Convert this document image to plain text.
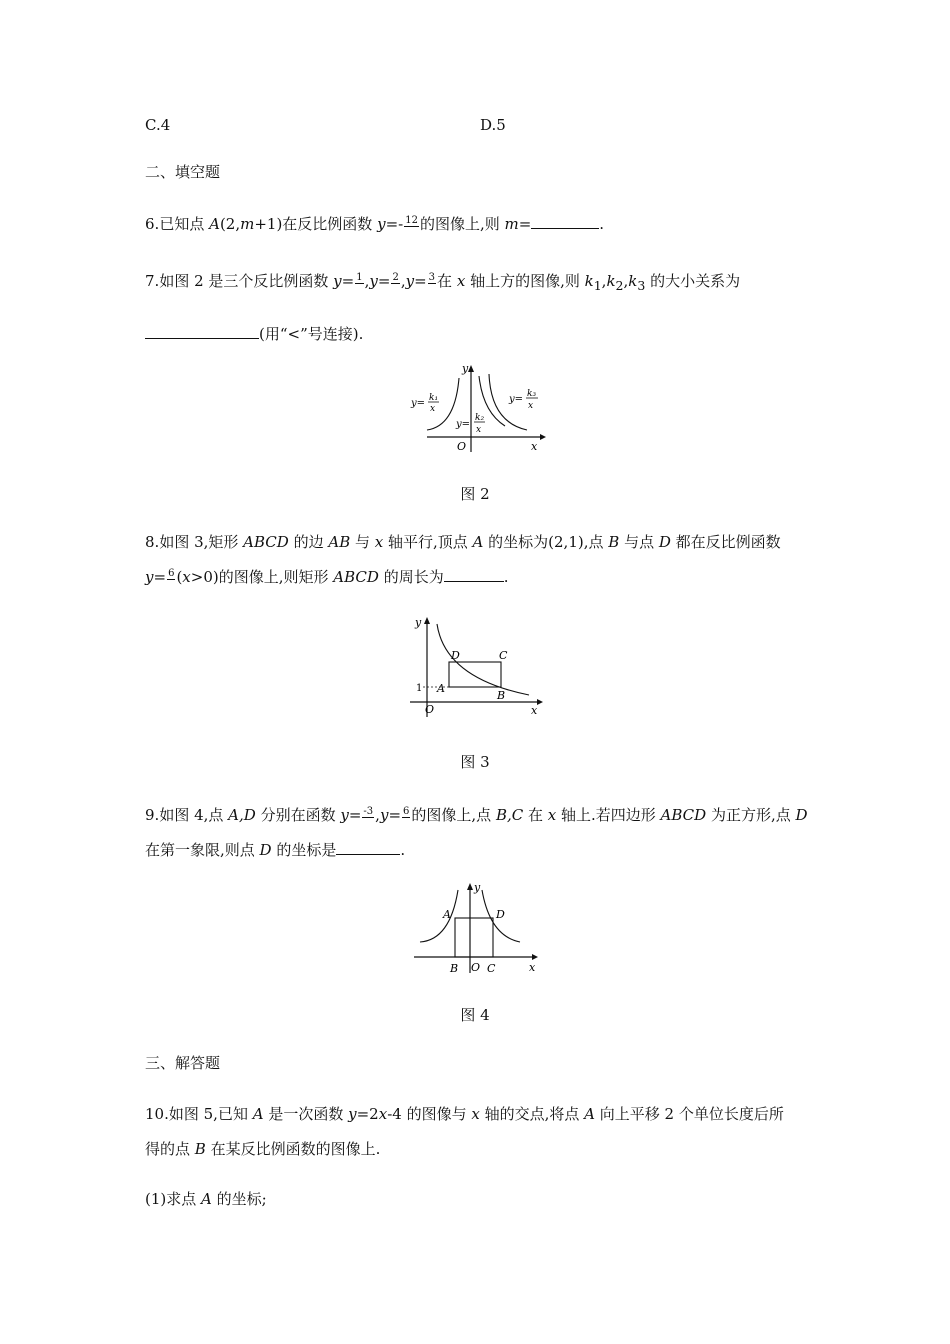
C.4	D.5
二、填空题
6.已知点 A(2,m+1)在反比例函数 y=- 12 的图像上,则 m=	.
7.如图 2 是三个反比例函数 y= 1 ,y= 2 ,y= 3 在 x 轴上方的图像,则 $k_1,k_2,k_3$ 的大小关系为
(用“<”号连接).
y
x
O
y= k₁
x
y=
k₂
x
y= k₃
x
图 2
8.如图 3,矩形 ABCD 的边 AB 与 x 轴平行,顶点 A 的坐标为(2,1),点 B 与点 D 都在反比例函数
y= 6 (x>0)的图像上,则矩形 ABCD 的周长为	.
y
x
O
1 A
B
C
D
图 3
9.如图 4,点 A,D 分别在函数 y= -3 ,y= 6 的图像上,点 B,C 在 x 轴上.若四边形 ABCD 为正方形,点 D
在第一象限,则点 D 的坐标是	.
y
x
O
A
B	C
D
图 4
三、解答题
10.如图 5,已知 A 是一次函数 y=2x-4 的图像与 x 轴的交点,将点 A 向上平移 2 个单位长度后所
得的点 B 在某反比例函数的图像上.
(1)求点 A 的坐标;
